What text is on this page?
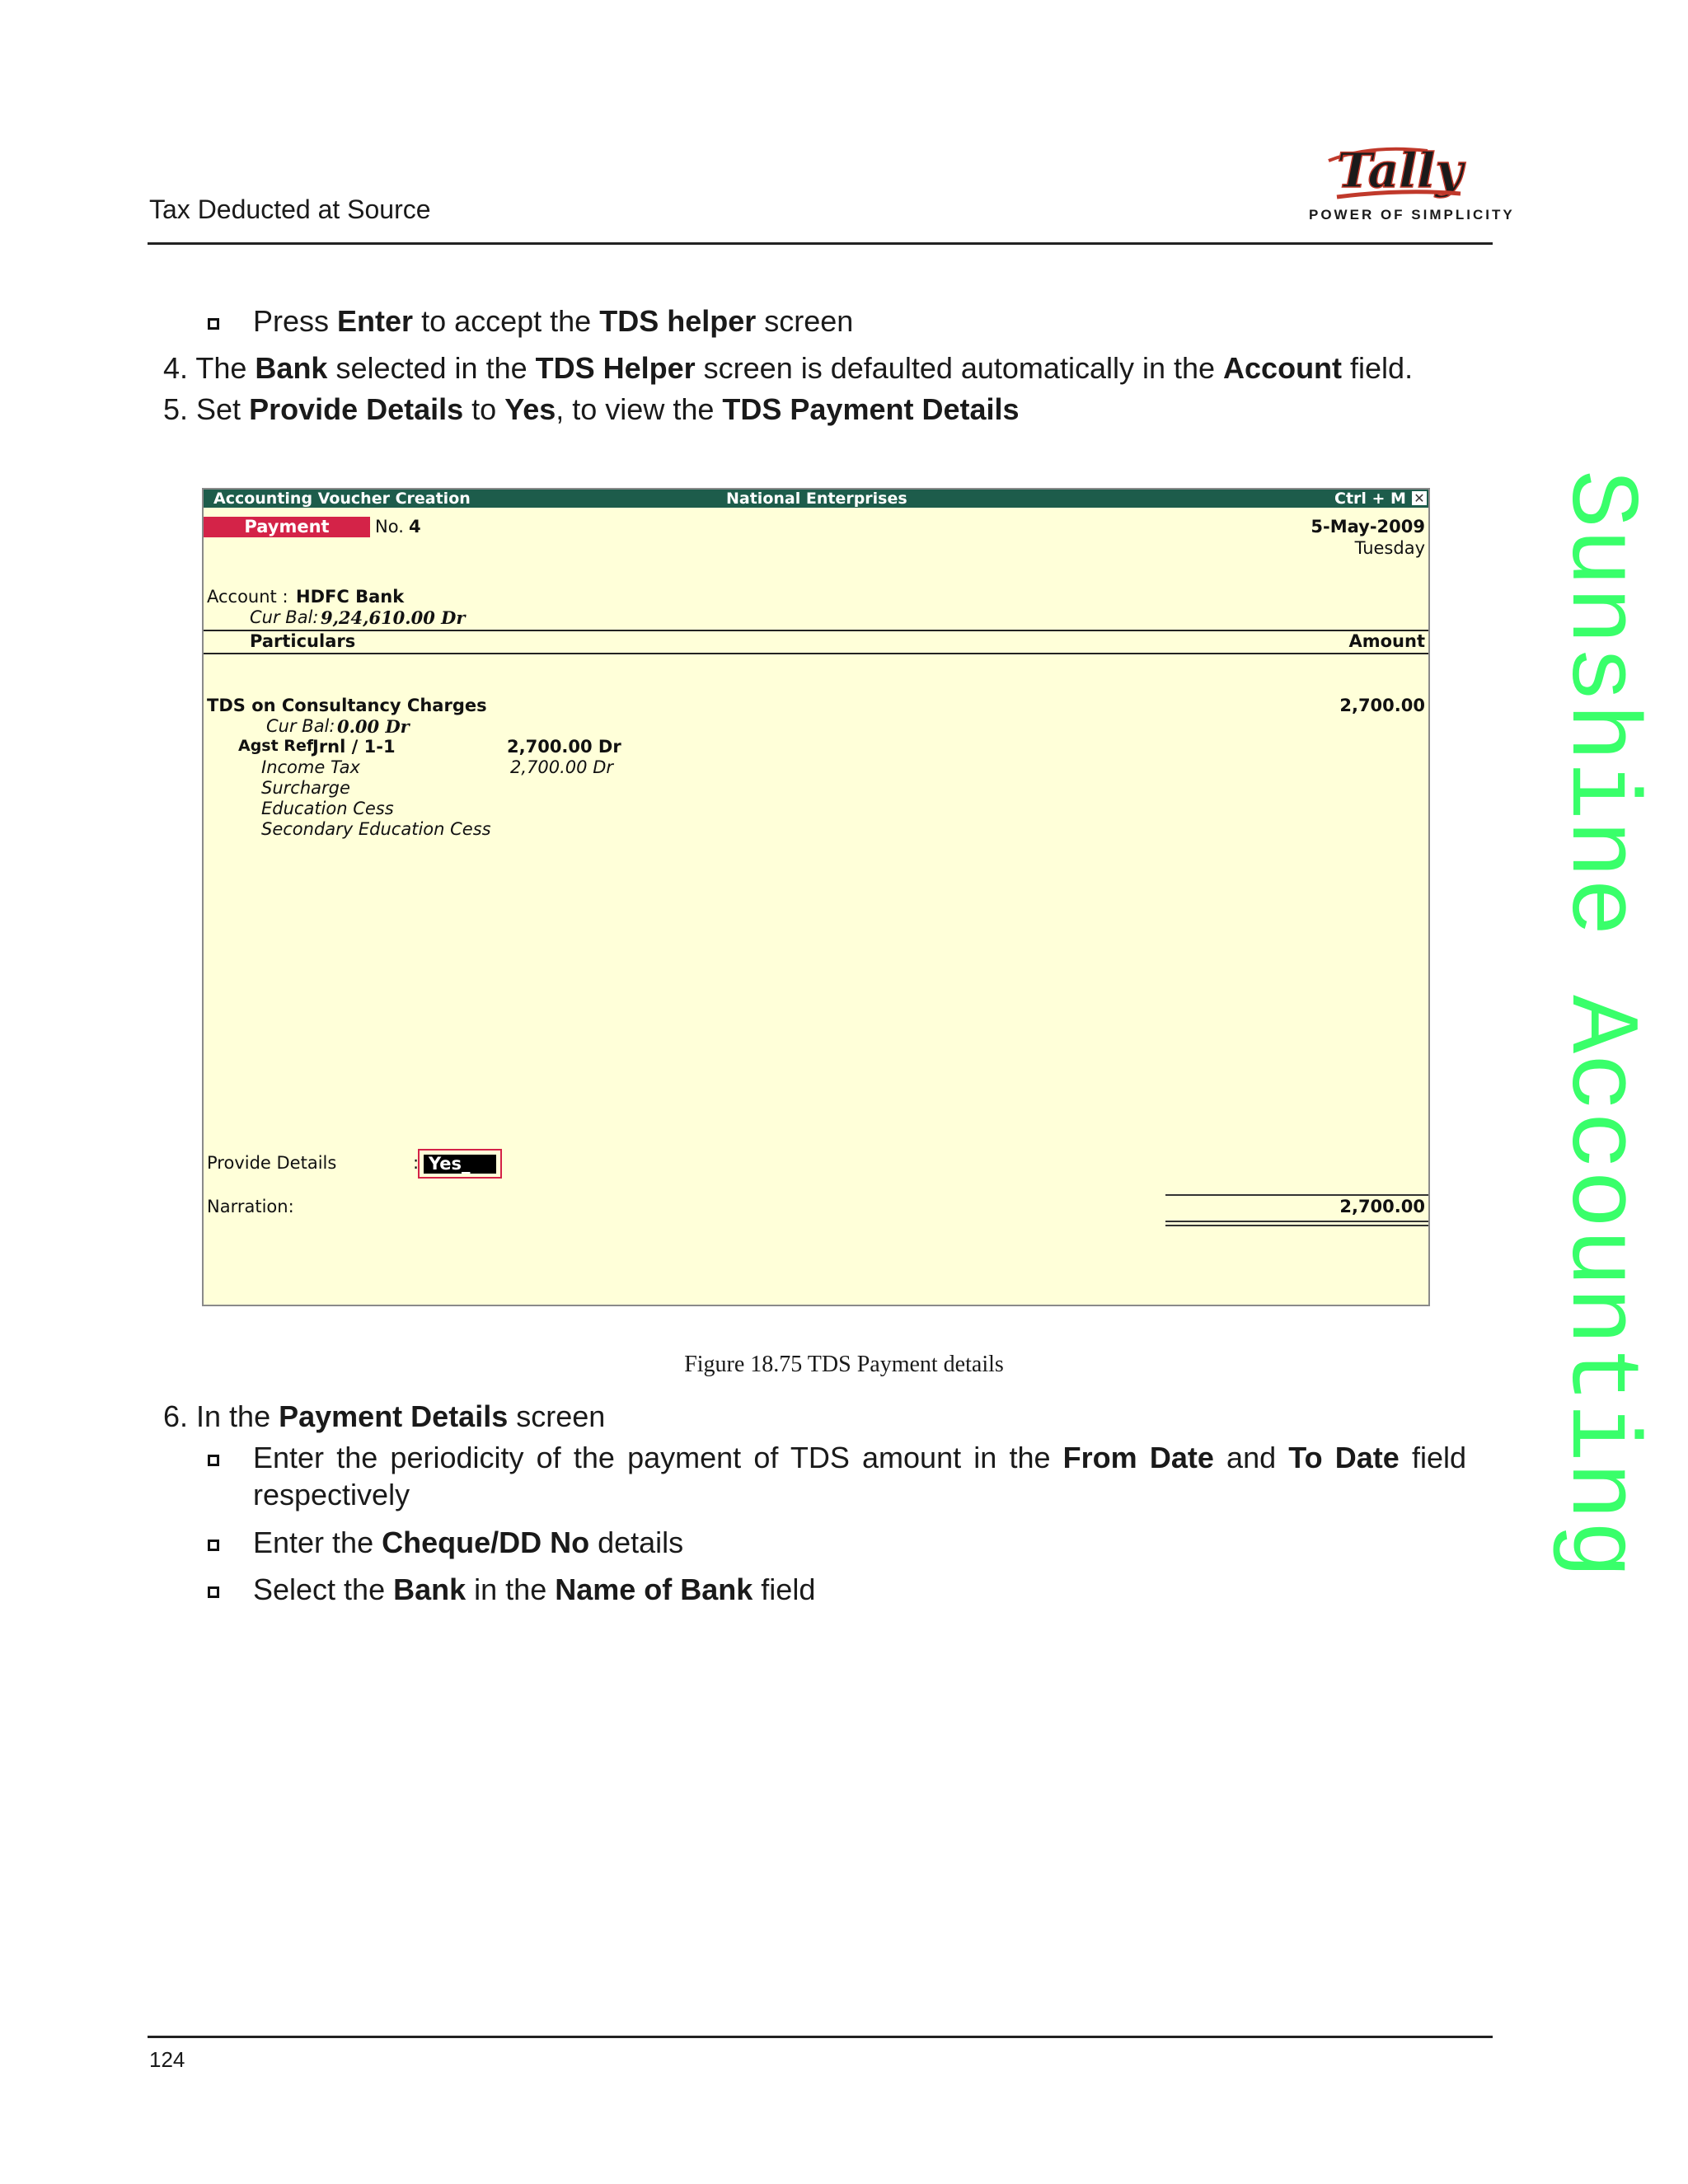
Tax Deducted at Source
Tally
POWER OF SIMPLICITY
Sunshine Accounting
Press Enter to accept the TDS helper screen
4. The Bank selected in the TDS Helper screen is defaulted automatically in the Account field.
5. Set Provide Details to Yes, to view the TDS Payment Details
Accounting Voucher Creation	National Enterprises	Ctrl + M ✕
Payment	No. 4	5-May-2009
Tuesday
Account : HDFC Bank
Cur Bal: 9,24,610.00 Dr
Particulars	Amount
TDS on Consultancy Charges	2,700.00
Cur Bal: 0.00 Dr
Agst Ref
Jrnl / 1-1	2,700.00 Dr
Income Tax	2,700.00 Dr
Surcharge
Education Cess
Secondary Education Cess
Provide Details	: Yes_
Narration:	2,700.00
Figure 18.75 TDS Payment details
6. In the Payment Details screen
Enter the periodicity of the payment of TDS amount in the From Date and To Date field
respectively
Enter the Cheque/DD No details
Select the Bank in the Name of Bank field
124
